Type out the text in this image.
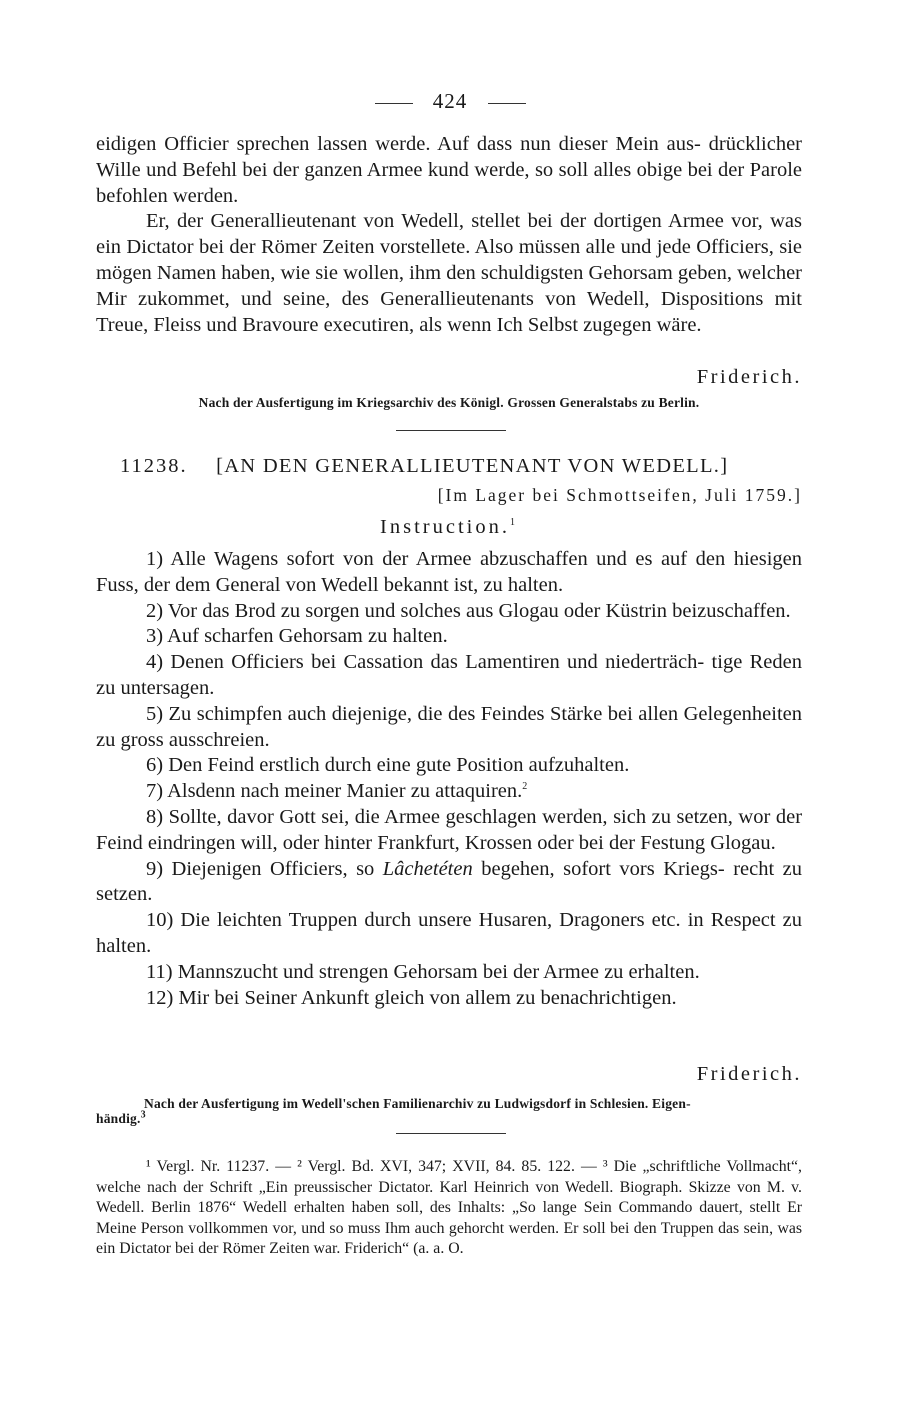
424

eidigen Officier sprechen lassen werde. Auf dass nun dieser Mein aus- drücklicher Wille und Befehl bei der ganzen Armee kund werde, so soll alles obige bei der Parole befohlen werden.

Er, der Generallieutenant von Wedell, stellet bei der dortigen Armee vor, was ein Dictator bei der Römer Zeiten vorstellete. Also müssen alle und jede Officiers, sie mögen Namen haben, wie sie wollen, ihm den schuldigsten Gehorsam geben, welcher Mir zukommet, und seine, des Generallieutenants von Wedell, Dispositions mit Treue, Fleiss und Bravoure executiren, als wenn Ich Selbst zugegen wäre.

Friderich.
Nach der Ausfertigung im Kriegsarchiv des Königl. Grossen Generalstabs zu Berlin.
11238. [AN DEN GENERALLIEUTENANT VON WEDELL.]
[Im Lager bei Schmottseifen, Juli 1759.]
Instruction.$^1$

1) Alle Wagens sofort von der Armee abzuschaffen und es auf den hiesigen Fuss, der dem General von Wedell bekannt ist, zu halten.

2) Vor das Brod zu sorgen und solches aus Glogau oder Küstrin beizuschaffen.

3) Auf scharfen Gehorsam zu halten.

4) Denen Officiers bei Cassation das Lamentiren und niederträch- tige Reden zu untersagen.

5) Zu schimpfen auch diejenige, die des Feindes Stärke bei allen Gelegenheiten zu gross ausschreien.

6) Den Feind erstlich durch eine gute Position aufzuhalten.

7) Alsdenn nach meiner Manier zu attaquiren.$^2$

8) Sollte, davor Gott sei, die Armee geschlagen werden, sich zu setzen, wor der Feind eindringen will, oder hinter Frankfurt, Krossen oder bei der Festung Glogau.

9) Diejenigen Officiers, so Lâchetéten begehen, sofort vors Kriegs- recht zu setzen.

10) Die leichten Truppen durch unsere Husaren, Dragoners etc. in Respect zu halten.

11) Mannszucht und strengen Gehorsam bei der Armee zu erhalten.

12) Mir bei Seiner Ankunft gleich von allem zu benachrichtigen.

Friderich.
Nach der Ausfertigung im Wedell'schen Familienarchiv zu Ludwigsdorf in Schlesien. Eigen-
händig.$^3$

¹ Vergl. Nr. 11237. — ² Vergl. Bd. XVI, 347; XVII, 84. 85. 122. — ³ Die „schriftliche Vollmacht“, welche nach der Schrift „Ein preussischer Dictator. Karl Heinrich von Wedell. Biograph. Skizze von M. v. Wedell. Berlin 1876“ Wedell erhalten haben soll, des Inhalts: „So lange Sein Commando dauert, stellt Er Meine Person vollkommen vor, und so muss Ihm auch gehorcht werden. Er soll bei den Truppen das sein, was ein Dictator bei der Römer Zeiten war. Friderich“ (a. a. O.
